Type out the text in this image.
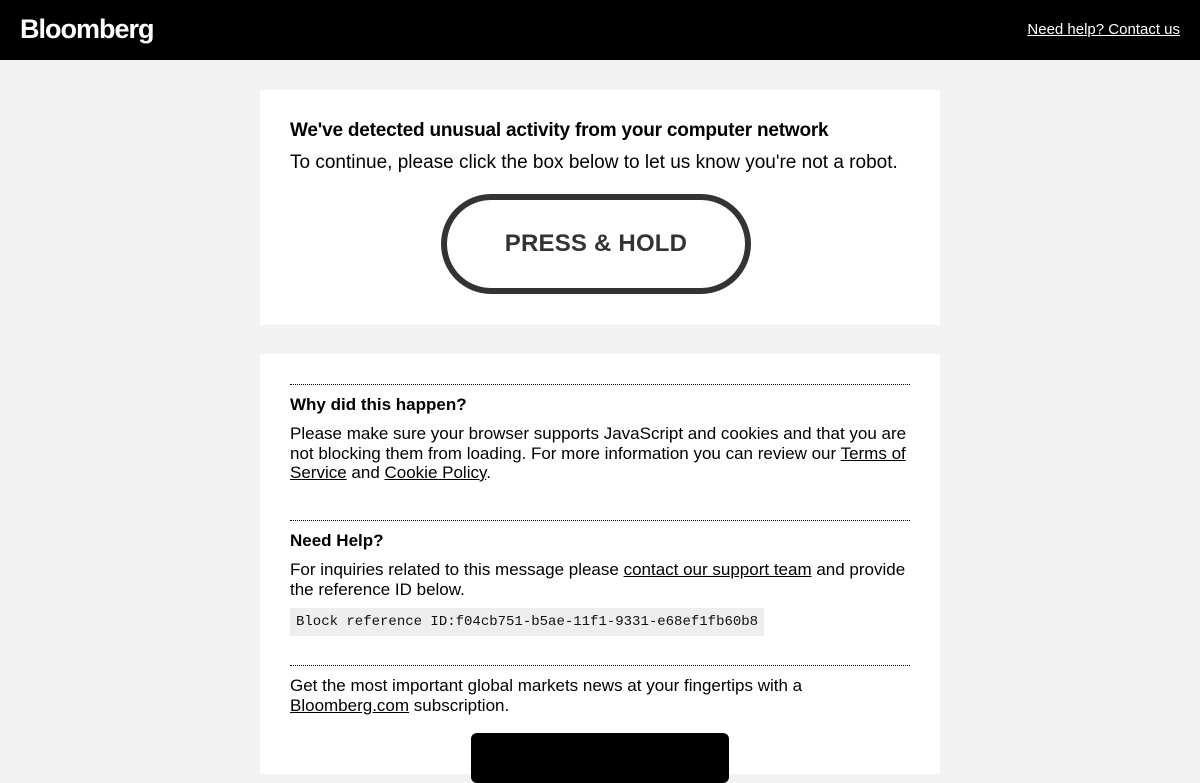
Bloomberg	Need help? Contact us
We've detected unusual activity from your computer network
To continue, please click the box below to let us know you're not a robot.
PRESS & HOLD
Why did this happen?
Please make sure your browser supports JavaScript and cookies and that you are not blocking them from loading. For more information you can review our Terms of Service and Cookie Policy.
Need Help?
For inquiries related to this message please contact our support team and provide the reference ID below.
Block reference ID:f04cb751-b5ae-11f1-9331-e68ef1fb60b8
Get the most important global markets news at your fingertips with a Bloomberg.com subscription.
